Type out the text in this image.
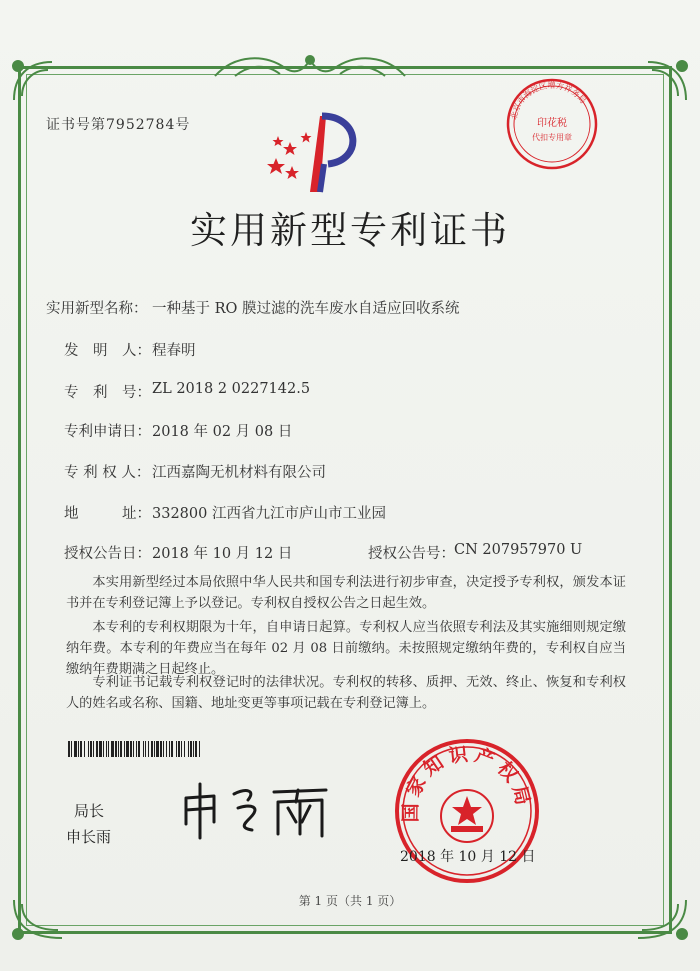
证书号第7952784号
北京市海淀区增方祥务局
印花税
代扣专用章
实用新型专利证书
实用新型名称： 一种基于 RO 膜过滤的洗车废水自适应回收系统
发　明　人： 程春明
专　利　号： ZL 2018 2 0227142.5
专利申请日： 2018 年 02 月 08 日
专 利 权 人： 江西嘉陶无机材料有限公司
地　　　址： 332800 江西省九江市庐山市工业园
授权公告日： 2018 年 10 月 12 日	授权公告号： CN 207957970 U
本实用新型经过本局依照中华人民共和国专利法进行初步审查，决定授予专利权，颁发本证书并在专利登记簿上予以登记。专利权自授权公告之日起生效。
本专利的专利权期限为十年，自申请日起算。专利权人应当依照专利法及其实施细则规定缴纳年费。本专利的年费应当在每年 02 月 08 日前缴纳。未按照规定缴纳年费的，专利权自应当缴纳年费期满之日起终止。
专利证书记载专利权登记时的法律状况。专利权的转移、质押、无效、终止、恢复和专利权人的姓名或名称、国籍、地址变更等事项记载在专利登记簿上。
局长
申长雨
国家知识产权局
2018 年 10 月 12 日
第 1 页（共 1 页）
